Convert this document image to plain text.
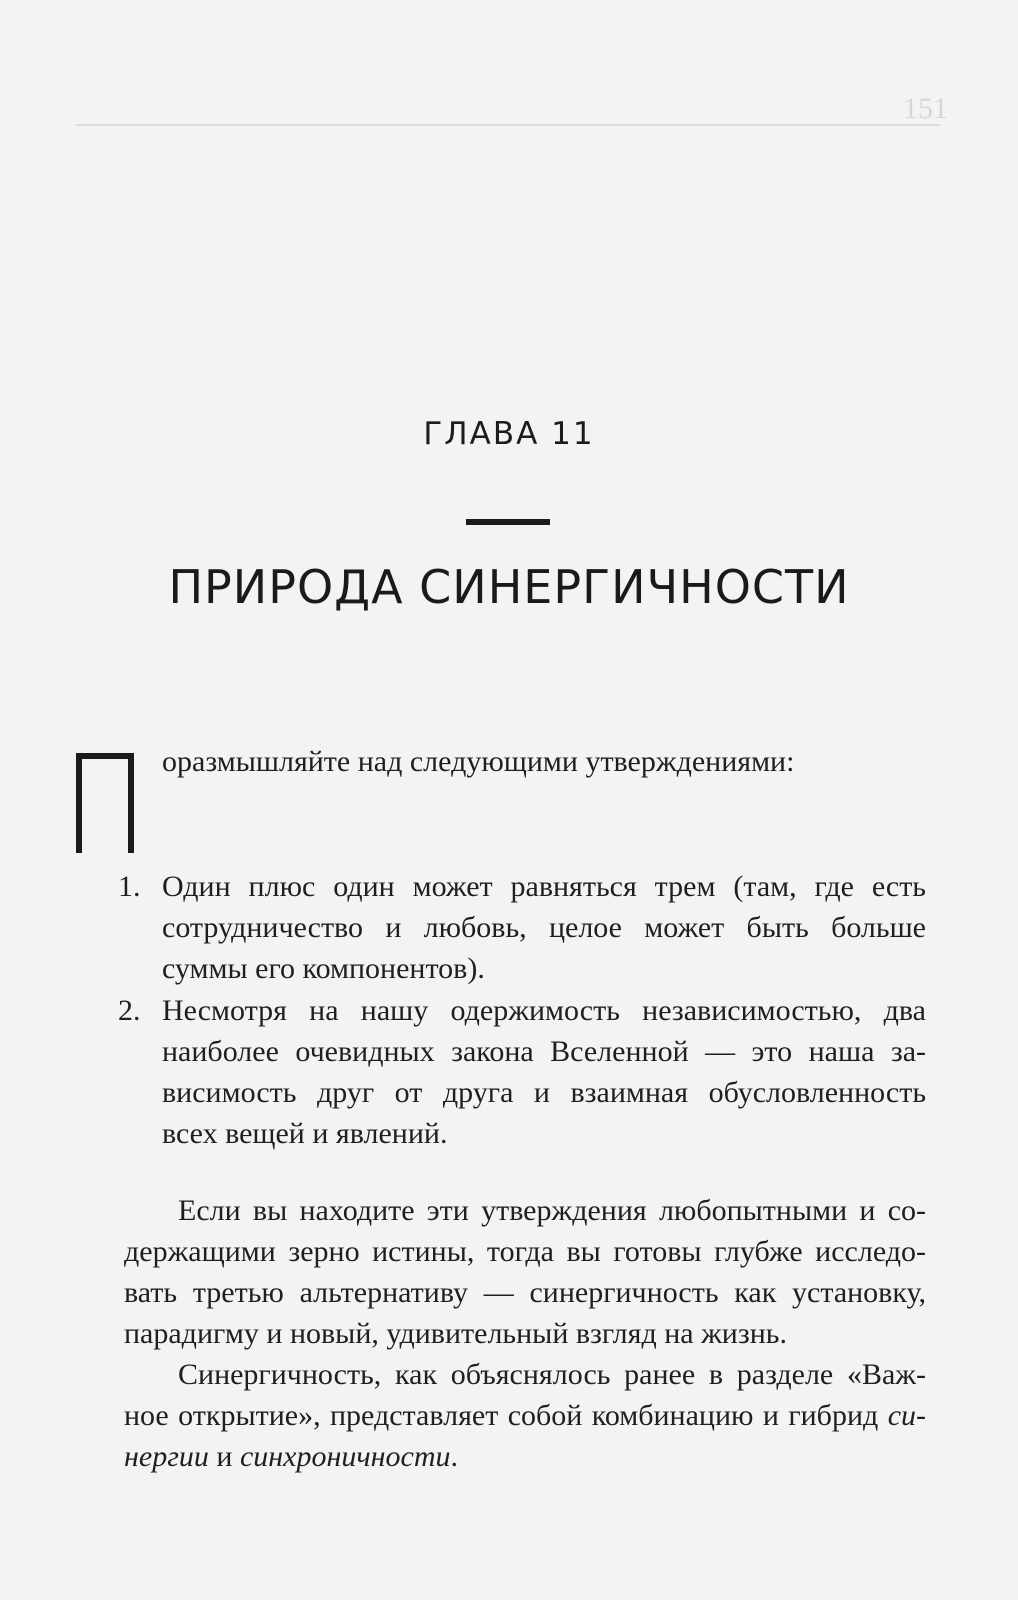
151
ГЛАВА 11
ПРИРОДА СИНЕРГИЧНОСТИ
оразмышляйте над следующими утверждениями:
1. Один плюс один может равняться трем (там, где есть
сотрудничество и любовь, целое может быть больше
суммы его компонентов).
2. Несмотря на нашу одержимость независимостью, два
наиболее очевидных закона Вселенной — это наша за-
висимость друг от друга и взаимная обусловленность
всех вещей и явлений.
Если вы находите эти утверждения любопытными и со-
держащими зерно истины, тогда вы готовы глубже исследо-
вать третью альтернативу — синергичность как установку,
парадигму и новый, удивительный взгляд на жизнь.
Синергичность, как объяснялось ранее в разделе «Важ-
ное открытие», представляет собой комбинацию и гибрид си-
нергии и синхроничности.
